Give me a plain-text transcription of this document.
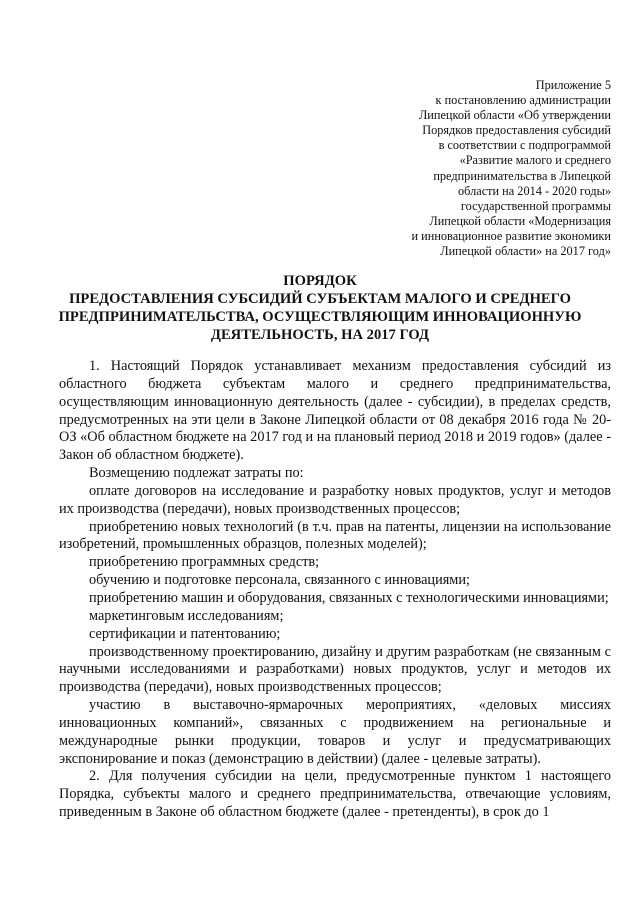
Приложение 5
к постановлению администрации
Липецкой области «Об утверждении
Порядков предоставления субсидий
в соответствии с подпрограммой
«Развитие малого и среднего
предпринимательства в Липецкой
области на 2014 - 2020 годы»
государственной программы
Липецкой области «Модернизация
и инновационное развитие экономики
Липецкой области» на 2017 год»
ПОРЯДОК
ПРЕДОСТАВЛЕНИЯ СУБСИДИЙ СУБЪЕКТАМ МАЛОГО И СРЕДНЕГО
ПРЕДПРИНИМАТЕЛЬСТВА, ОСУЩЕСТВЛЯЮЩИМ ИННОВАЦИОННУЮ
ДЕЯТЕЛЬНОСТЬ, НА 2017 ГОД

1. Настоящий Порядок устанавливает механизм предоставления субсидий из областного бюджета субъектам малого и среднего предпринимательства, осуществляющим инновационную деятельность (далее - субсидии), в пределах средств, предусмотренных на эти цели в Законе Липецкой области от 08 декабря 2016 года № 20-ОЗ «Об областном бюджете на 2017 год и на плановый период 2018 и 2019 годов» (далее - Закон об областном бюджете).

Возмещению подлежат затраты по:

оплате договоров на исследование и разработку новых продуктов, услуг и методов их производства (передачи), новых производственных процессов;

приобретению новых технологий (в т.ч. прав на патенты, лицензии на использование изобретений, промышленных образцов, полезных моделей);

приобретению программных средств;

обучению и подготовке персонала, связанного с инновациями;

приобретению машин и оборудования, связанных с технологическими инновациями;

маркетинговым исследованиям;

сертификации и патентованию;

производственному проектированию, дизайну и другим разработкам (не связанным с научными исследованиями и разработками) новых продуктов, услуг и методов их производства (передачи), новых производственных процессов;

участию в выставочно-ярмарочных мероприятиях, «деловых миссиях инновационных компаний», связанных с продвижением на региональные и международные рынки продукции, товаров и услуг и предусматривающих экспонирование и показ (демонстрацию в действии) (далее - целевые затраты).

2. Для получения субсидии на цели, предусмотренные пунктом 1 настоящего Порядка, субъекты малого и среднего предпринимательства, отвечающие условиям, приведенным в Законе об областном бюджете (далее - претенденты), в срок до 1
